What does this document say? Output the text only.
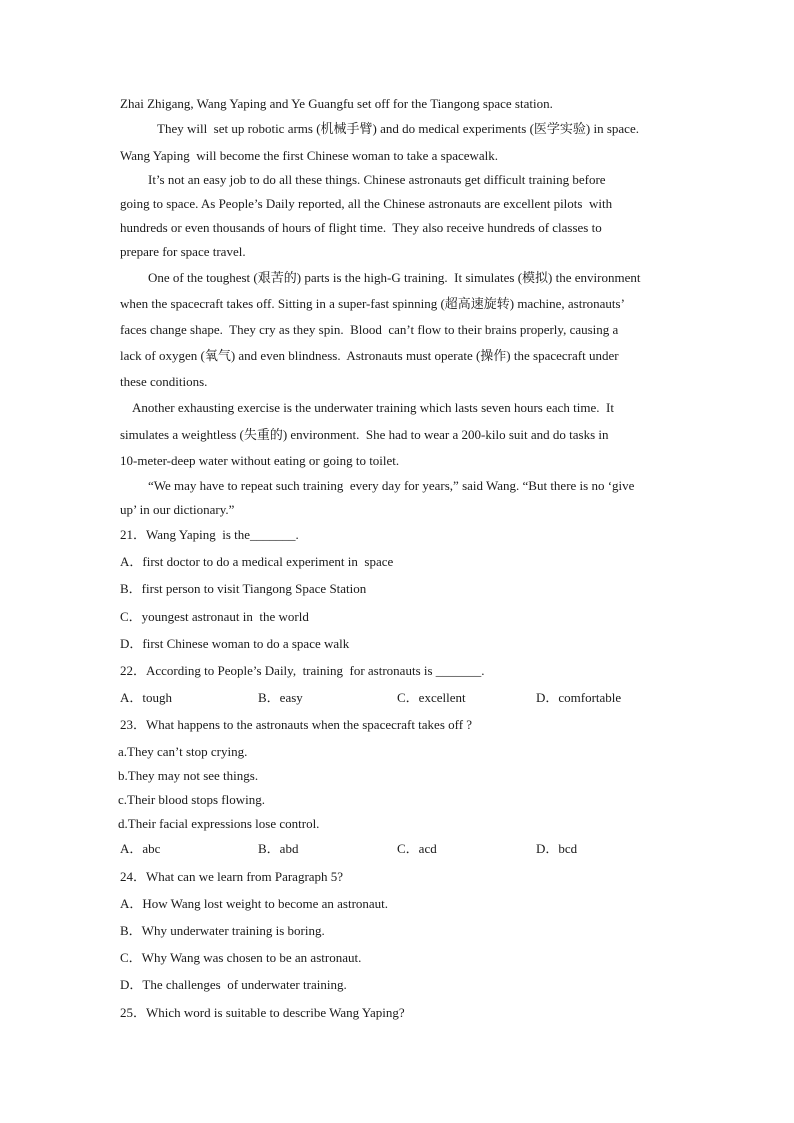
Zhai Zhigang, Wang Yaping and Ye Guangfu set off for the Tiangong space station.
They will  set up robotic arms (机械手臂) and do medical experiments (医学实验) in space.
Wang Yaping  will become the first Chinese woman to take a spacewalk.
It’s not an easy job to do all these things. Chinese astronauts get difficult training before
going to space. As People’s Daily reported, all the Chinese astronauts are excellent pilots  with
hundreds or even thousands of hours of flight time.  They also receive hundreds of classes to
prepare for space travel.
One of the toughest (艰苦的) parts is the high-G training.  It simulates (模拟) the environment
when the spacecraft takes off. Sitting in a super-fast spinning (超高速旋转) machine, astronauts’
faces change shape.  They cry as they spin.  Blood  can’t flow to their brains properly, causing a
lack of oxygen (氧气) and even blindness.  Astronauts must operate (操作) the spacecraft under
these conditions.
Another exhausting exercise is the underwater training which lasts seven hours each time.  It
simulates a weightless (失重的) environment.  She had to wear a 200-kilo suit and do tasks in
10-meter-deep water without eating or going to toilet.
“We may have to repeat such training  every day for years,” said Wang. “But there is no ‘give
up’ in our dictionary.”
21．Wang Yaping  is the_______.
A．first doctor to do a medical experiment in  space
B．first person to visit Tiangong Space Station
C．youngest astronaut in  the world
D．first Chinese woman to do a space walk
22．According to People’s Daily,  training  for astronauts is _______.
A．tough	B．easy	C．excellent	D．comfortable
23．What happens to the astronauts when the spacecraft takes off ?
a.They can’t stop crying.
b.They may not see things.
c.Their blood stops flowing.
d.Their facial expressions lose control.
A．abc	B．abd	C．acd	D．bcd
24．What can we learn from Paragraph 5?
A．How Wang lost weight to become an astronaut.
B．Why underwater training is boring.
C．Why Wang was chosen to be an astronaut.
D．The challenges  of underwater training.
25．Which word is suitable to describe Wang Yaping?
